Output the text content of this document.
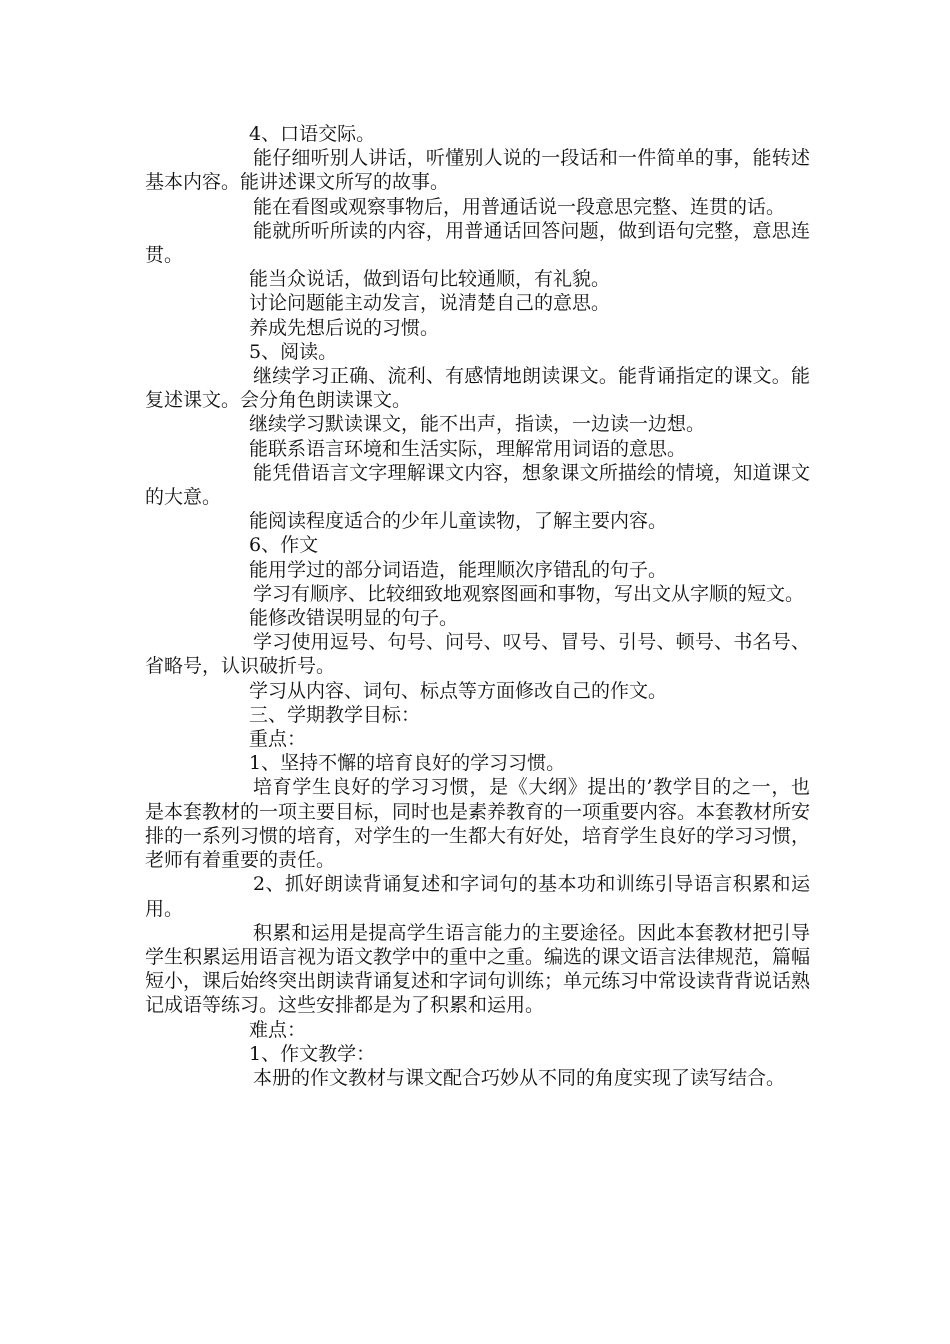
4、口语交际。

能仔细听别人讲话，听懂别人说的一段话和一件简单的事，能转述基本内容。能讲述课文所写的故事。

能在看图或观察事物后，用普通话说一段意思完整、连贯的话。

能就所听所读的内容，用普通话回答问题，做到语句完整，意思连贯。

能当众说话，做到语句比较通顺，有礼貌。

讨论问题能主动发言，说清楚自己的意思。

养成先想后说的习惯。

5、阅读。

继续学习正确、流利、有感情地朗读课文。能背诵指定的课文。能复述课文。会分角色朗读课文。

继续学习默读课文，能不出声，指读，一边读一边想。

能联系语言环境和生活实际，理解常用词语的意思。

能凭借语言文字理解课文内容，想象课文所描绘的情境，知道课文的大意。

能阅读程度适合的少年儿童读物，了解主要内容。

6、作文

能用学过的部分词语造，能理顺次序错乱的句子。

学习有顺序、比较细致地观察图画和事物，写出文从字顺的短文。

能修改错误明显的句子。

学习使用逗号、句号、问号、叹号、冒号、引号、顿号、书名号、省略号，认识破折号。

学习从内容、词句、标点等方面修改自己的作文。

三、学期教学目标：

重点：

1、坚持不懈的培育良好的学习习惯。

培育学生良好的学习习惯，是《大纲》提出的’教学目的之一，也是本套教材的一项主要目标，同时也是素养教育的一项重要内容。本套教材所安排的一系列习惯的培育，对学生的一生都大有好处，培育学生良好的学习习惯，老师有着重要的责任。

2、抓好朗读背诵复述和字词句的基本功和训练引导语言积累和运用。

积累和运用是提高学生语言能力的主要途径。因此本套教材把引导学生积累运用语言视为语文教学中的重中之重。编选的课文语言法律规范，篇幅短小，课后始终突出朗读背诵复述和字词句训练；单元练习中常设读背背说话熟记成语等练习。这些安排都是为了积累和运用。

难点：

1、作文教学：

本册的作文教材与课文配合巧妙从不同的角度实现了读写结合。
